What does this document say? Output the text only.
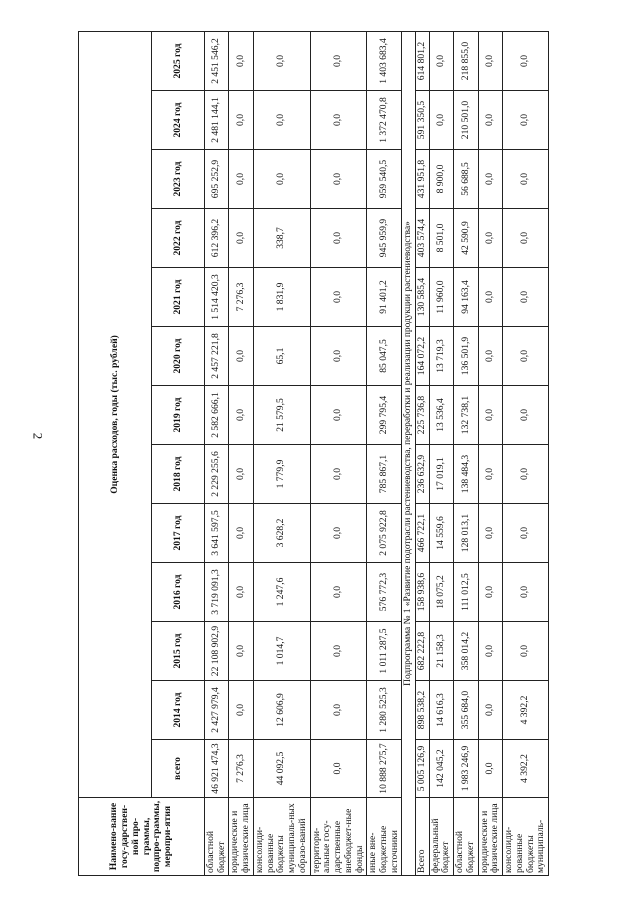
2
Наимено-вание госу-дарствен-ной про-граммы, подпро-граммы, меропри-ятия	Оценка расходов, годы (тыс. рублей)												
	всего	2014 год	2015 год	2016 год	2017 год	2018 год	2019 год	2020 год	2021 год	2022 год	2023 год	2024 год	2025 год
областной бюджет	46 921 474,3	2 427 979,4	22 108 902,9	3 719 091,3	3 641 597,5	2 229 255,6	2 582 666,1	2 457 221,8	1 514 420,3	612 396,2	695 252,9	2 481 144,1	2 451 546,2
юридические и физические лица	7 276,3	0,0	0,0	0,0	0,0	0,0	0,0	0,0	7 276,3	0,0	0,0	0,0	0,0
консолиди-рованные бюджеты муниципаль-ных образо-ваний	44 092,5	12 606,9	1 014,7	1 247,6	3 628,2	1 779,9	21 579,5	65,1	1 831,9	338,7	0,0	0,0	0,0
территори-альные госу-дарственные внебюджет-ные фонды	0,0	0,0	0,0	0,0	0,0	0,0	0,0	0,0	0,0	0,0	0,0	0,0	0,0
иные вне-бюджетные источники	10 888 275,7	1 280 525,3	1 011 287,5	576 772,3	2 075 922,8	785 867,1	299 795,4	85 047,5	91 401,2	945 959,9	959 540,5	1 372 470,8	1 403 683,4
Подпрограмма № 1 «Развитие подотрасли растениеводства, переработки и реализации продукции растениеводства»													
Всего	5 005 126,9	898 538,2	682 222,8	158 938,6	466 722,1	236 632,9	225 736,8	164 072,2	130 585,4	403 574,4	431 951,8	591 350,5	614 801,2
федеральный бюджет	142 045,2	14 616,3	21 158,3	18 075,2	14 559,6	17 019,1	13 536,4	13 719,3	11 960,0	8 501,0	8 900,0	0,0	0,0
областной бюджет	1 983 246,9	355 684,0	358 014,2	111 012,5	128 013,1	138 484,3	132 738,1	136 501,9	94 163,4	42 590,9	56 688,5	210 501,0	218 855,0
юридические и физические лица	0,0	0,0	0,0	0,0	0,0	0,0	0,0	0,0	0,0	0,0	0,0	0,0	0,0
консолиди-рованные бюджеты муниципаль-	4 392,2	4 392,2	0,0	0,0	0,0	0,0	0,0	0,0	0,0	0,0	0,0	0,0	0,0
